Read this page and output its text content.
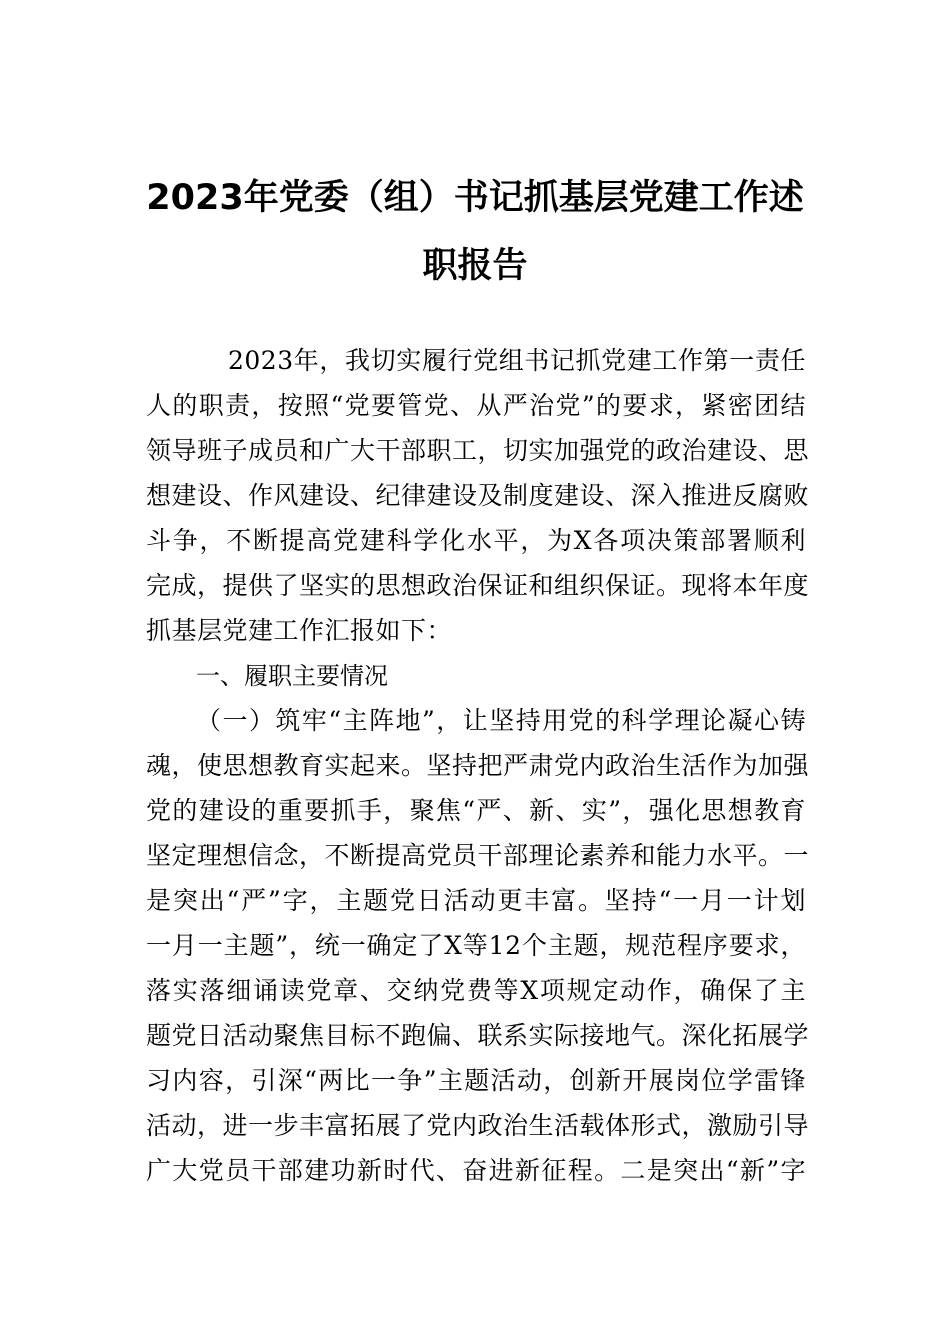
2023年党委（组）书记抓基层党建工作述
职报告
2023年，我切实履行党组书记抓党建工作第一责任
人的职责，按照“党要管党、从严治党”的要求，紧密团结
领导班子成员和广大干部职工，切实加强党的政治建设、思
想建设、作风建设、纪律建设及制度建设、深入推进反腐败
斗争，不断提高党建科学化水平，为X各项决策部署顺利
完成，提供了坚实的思想政治保证和组织保证。现将本年度
抓基层党建工作汇报如下：
一、履职主要情况
（一）筑牢“主阵地”，让坚持用党的科学理论凝心铸
魂，使思想教育实起来。坚持把严肃党内政治生活作为加强
党的建设的重要抓手，聚焦“严、新、实”，强化思想教育
坚定理想信念，不断提高党员干部理论素养和能力水平。一
是突出“严”字，主题党日活动更丰富。坚持“一月一计划
一月一主题”，统一确定了X等12个主题，规范程序要求，
落实落细诵读党章、交纳党费等X项规定动作，确保了主
题党日活动聚焦目标不跑偏、联系实际接地气。深化拓展学
习内容，引深“两比一争”主题活动，创新开展岗位学雷锋
活动，进一步丰富拓展了党内政治生活载体形式，激励引导
广大党员干部建功新时代、奋进新征程。二是突出“新”字
